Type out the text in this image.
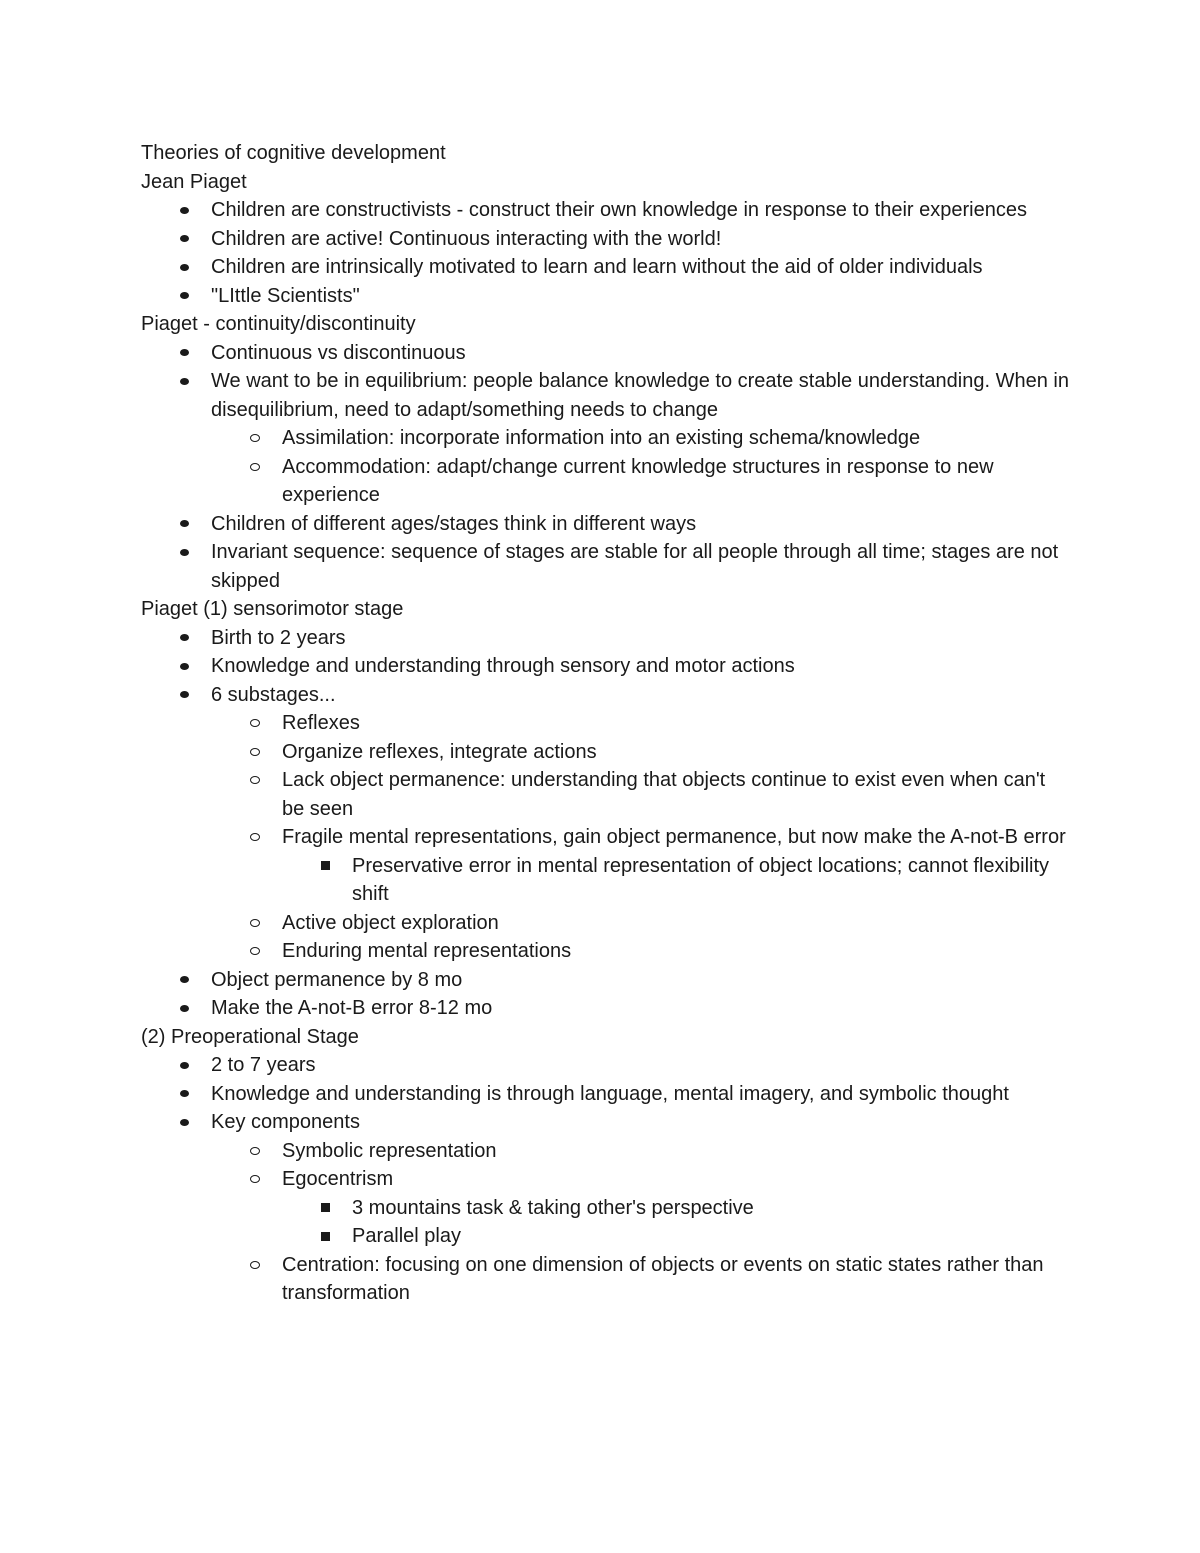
Theories of cognitive development
Jean Piaget
Children are constructivists - construct their own knowledge in response to their experiences
Children are active! Continuous interacting with the world!
Children are intrinsically motivated to learn and learn without the aid of older individuals
"LIttle Scientists"
Piaget - continuity/discontinuity
Continuous vs discontinuous
We want to be in equilibrium: people balance knowledge to create stable understanding. When in disequilibrium, need to adapt/something needs to change
Assimilation: incorporate information into an existing schema/knowledge
Accommodation: adapt/change current knowledge structures in response to new experience
Children of different ages/stages think in different ways
Invariant sequence: sequence of stages are stable for all people through all time; stages are not skipped
Piaget (1) sensorimotor stage
Birth to 2 years
Knowledge and understanding through sensory and motor actions
6 substages...
Reflexes
Organize reflexes, integrate actions
Lack object permanence: understanding that objects continue to exist even when can't be seen
Fragile mental representations, gain object permanence, but now make the A-not-B error
Preservative error in mental representation of object locations; cannot flexibility shift
Active object exploration
Enduring mental representations
Object permanence by 8 mo
Make the A-not-B error 8-12 mo
(2) Preoperational Stage
2 to 7 years
Knowledge and understanding is through language, mental imagery, and symbolic thought
Key components
Symbolic representation
Egocentrism
3 mountains task & taking other's perspective
Parallel play
Centration: focusing on one dimension of objects or events on static states rather than transformation
